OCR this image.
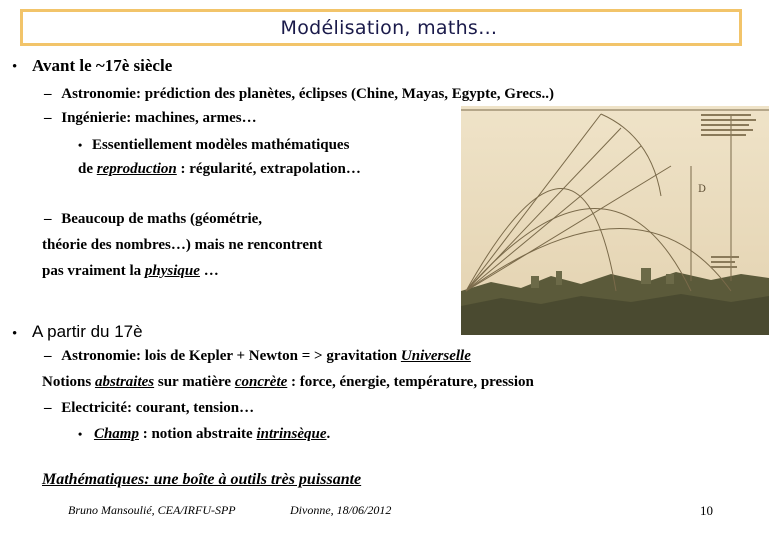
Modélisation, maths…
• Avant le ~17è siècle
– Astronomie: prédiction des planètes, éclipses (Chine, Mayas, Egypte, Grecs..)
– Ingénierie: machines, armes…
• Essentiellement modèles mathématiques
de reproduction : régularité, extrapolation…
– Beaucoup de maths (géométrie,
théorie des nombres…) mais ne rencontrent
pas vraiment la physique …
D
• A partir du 17è
– Astronomie: lois de Kepler + Newton = > gravitation Universelle
Notions abstraites sur matière concrète : force, énergie, température, pression
– Electricité: courant, tension…
• Champ : notion abstraite intrinsèque.
Mathématiques: une boîte à outils très puissante
Bruno Mansoulié, CEA/IRFU-SPP	Divonne, 18/06/2012	10
